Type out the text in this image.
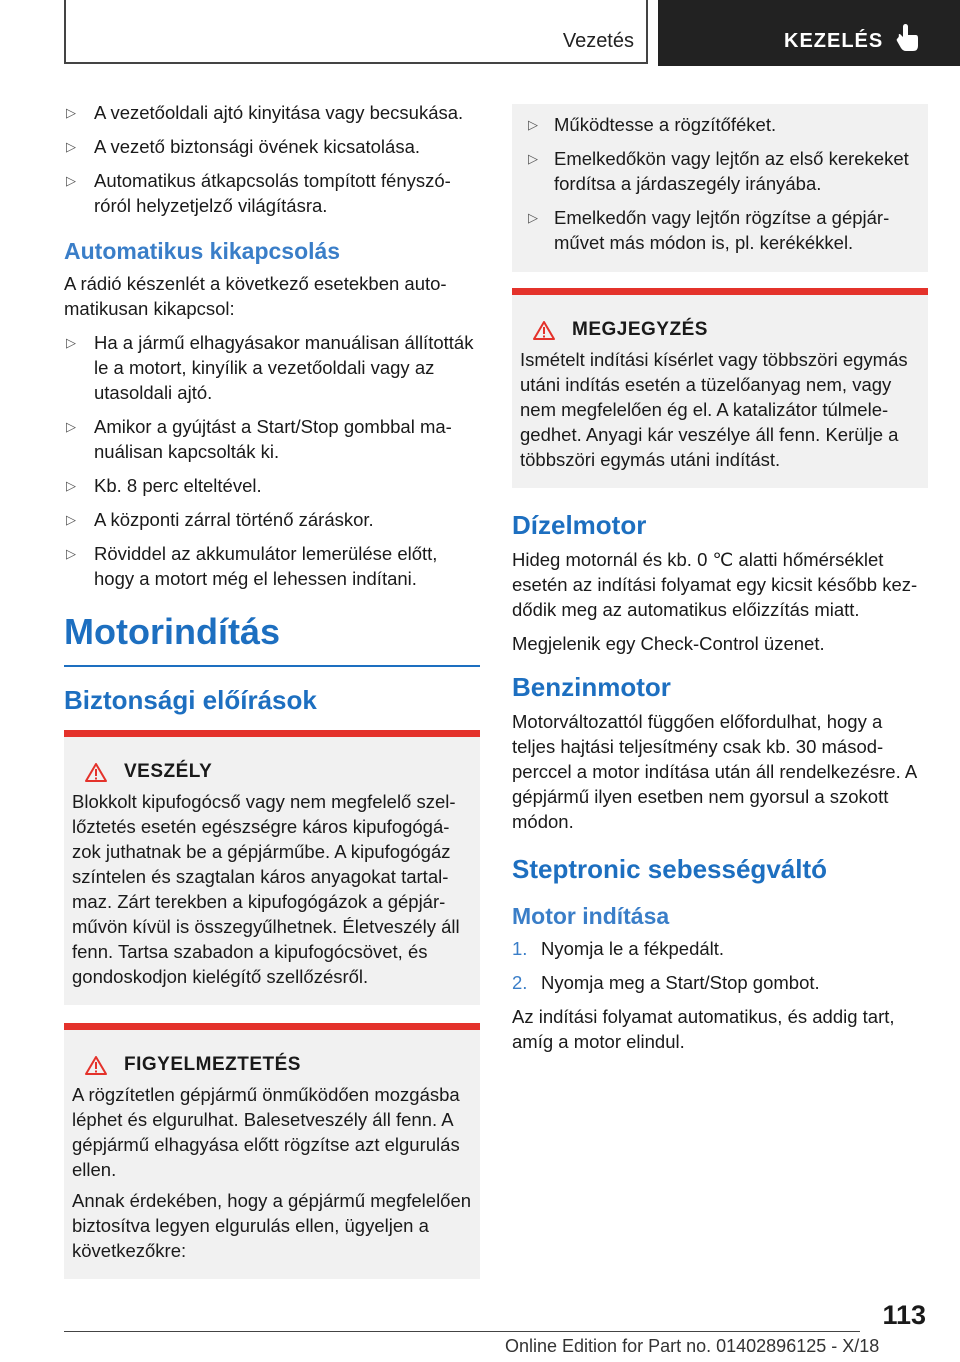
Vezetés	KEZELÉS
▷ A vezetőoldali ajtó kinyitása vagy becsukása.
▷ A vezető biztonsági övének kicsatolása.
▷ Automatikus átkapcsolás tompított fényszóróról helyzetjelző világításra.
Automatikus kikapcsolás
A rádió készenlét a következő esetekben automatikusan kikapcsol:
▷ Ha a jármű elhagyásakor manuálisan állították le a motort, kinyílik a vezetőoldali vagy az utasoldali ajtó.
▷ Amikor a gyújtást a Start/Stop gombbal manuálisan kapcsolták ki.
▷ Kb. 8 perc elteltével.
▷ A központi zárral történő záráskor.
▷ Röviddel az akkumulátor lemerülése előtt, hogy a motort még el lehessen indítani.
Motorindítás
Biztonsági előírások
VESZÉLY
Blokkolt kipufogócső vagy nem megfelelő szellőztetés esetén egészségre káros kipufogógázok juthatnak be a gépjárműbe. A kipufogógáz színtelen és szagtalan káros anyagokat tartalmaz. Zárt terekben a kipufogógázok a gépjárművön kívül is összegyűlhetnek. Életveszély áll fenn. Tartsa szabadon a kipufogócsövet, és gondoskodjon kielégítő szellőzésről.
FIGYELMEZTETÉS
A rögzítetlen gépjármű önműködően mozgásba léphet és elgurulhat. Balesetveszély áll fenn. A gépjármű elhagyása előtt rögzítse azt elgurulás ellen.
Annak érdekében, hogy a gépjármű megfelelően biztosítva legyen elgurulás ellen, ügyeljen a következőkre:
▷ Működtesse a rögzítőféket.
▷ Emelkedőkön vagy lejtőn az első kerekeket fordítsa a járdaszegély irányába.
▷ Emelkedőn vagy lejtőn rögzítse a gépjárművet más módon is, pl. kerékékkel.
MEGJEGYZÉS
Ismételt indítási kísérlet vagy többszöri egymás utáni indítás esetén a tüzelőanyag nem, vagy nem megfelelően ég el. A katalizátor túlmelegedhet. Anyagi kár veszélye áll fenn. Kerülje a többszöri egymás utáni indítást.
Dízelmotor
Hideg motornál és kb. 0 ℃ alatti hőmérséklet esetén az indítási folyamat egy kicsit később kezdődik meg az automatikus előizzítás miatt.
Megjelenik egy Check-Control üzenet.
Benzinmotor
Motorváltozattól függően előfordulhat, hogy a teljes hajtási teljesítmény csak kb. 30 másodperccel a motor indítása után áll rendelkezésre. A gépjármű ilyen esetben nem gyorsul a szokott módon.
Steptronic sebességváltó
Motor indítása
1. Nyomja le a fékpedált.
2. Nyomja meg a Start/Stop gombot.
Az indítási folyamat automatikus, és addig tart, amíg a motor elindul.
113
Online Edition for Part no. 01402896125 - X/18
